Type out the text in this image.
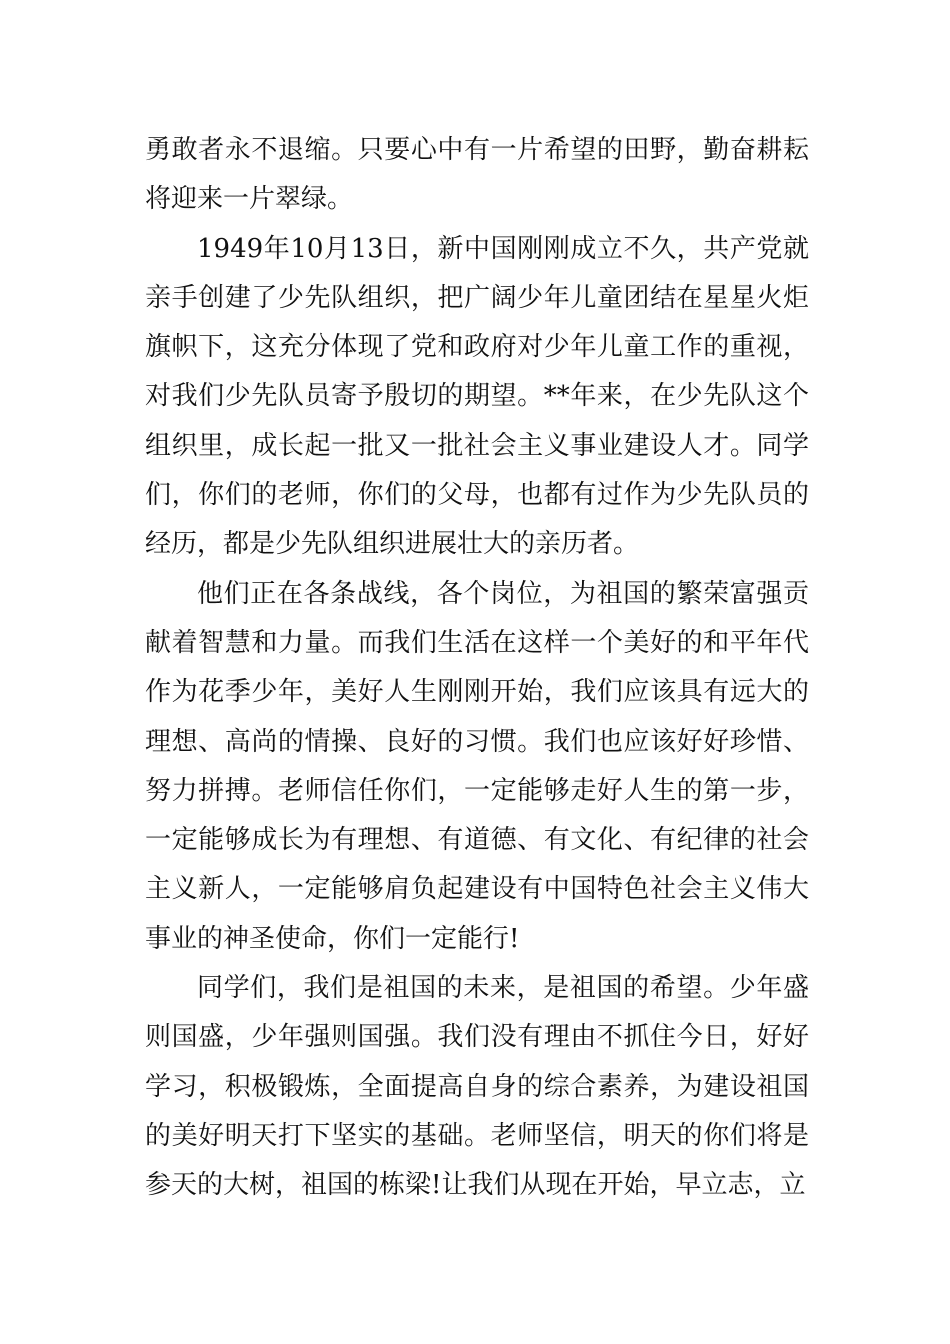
勇敢者永不退缩。只要心中有一片希望的田野，勤奋耕耘将迎来一片翠绿。

1949年10月13日，新中国刚刚成立不久，共产党就亲手创建了少先队组织，把广阔少年儿童团结在星星火炬旗帜下，这充分体现了党和政府对少年儿童工作的重视，对我们少先队员寄予殷切的期望。**年来，在少先队这个组织里，成长起一批又一批社会主义事业建设人才。同学们，你们的老师，你们的父母，也都有过作为少先队员的经历，都是少先队组织进展壮大的亲历者。

他们正在各条战线，各个岗位，为祖国的繁荣富强贡献着智慧和力量。而我们生活在这样一个美好的和平年代作为花季少年，美好人生刚刚开始，我们应该具有远大的理想、高尚的情操、良好的习惯。我们也应该好好珍惜、努力拼搏。老师信任你们，一定能够走好人生的第一步，一定能够成长为有理想、有道德、有文化、有纪律的社会主义新人，一定能够肩负起建设有中国特色社会主义伟大事业的神圣使命，你们一定能行!

同学们，我们是祖国的未来，是祖国的希望。少年盛则国盛，少年强则国强。我们没有理由不抓住今日，好好学习，积极锻炼，全面提高自身的综合素养，为建设祖国的美好明天打下坚实的基础。老师坚信，明天的你们将是参天的大树，祖国的栋梁!让我们从现在开始，早立志，立
